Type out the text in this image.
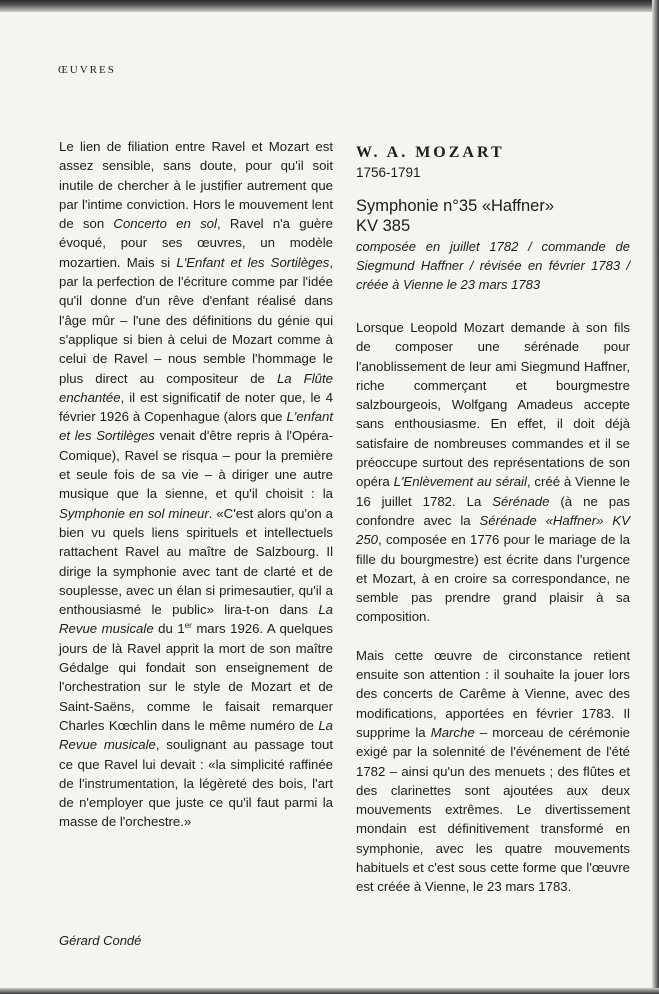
ŒUVRES

Le lien de filiation entre Ravel et Mozart est assez sensible, sans doute, pour qu'il soit inutile de chercher à le justifier autrement que par l'intime conviction. Hors le mouvement lent de son Concerto en sol, Ravel n'a guère évoqué, pour ses œuvres, un modèle mozartien. Mais si L'Enfant et les Sortilèges, par la perfection de l'écriture comme par l'idée qu'il donne d'un rêve d'enfant réalisé dans l'âge mûr – l'une des définitions du génie qui s'applique si bien à celui de Mozart comme à celui de Ravel – nous semble l'hommage le plus direct au compositeur de La Flûte enchantée, il est significatif de noter que, le 4 février 1926 à Copenhague (alors que L'enfant et les Sortilèges venait d'être repris à l'Opéra-Comique), Ravel se risqua – pour la première et seule fois de sa vie – à diriger une autre musique que la sienne, et qu'il choisit : la Symphonie en sol mineur. «C'est alors qu'on a bien vu quels liens spirituels et intellectuels rattachent Ravel au maître de Salzbourg. Il dirige la symphonie avec tant de clarté et de souplesse, avec un élan si primesautier, qu'il a enthousiasmé le public» lira-t-on dans La Revue musicale du 1er mars 1926. A quelques jours de là Ravel apprit la mort de son maître Gédalge qui fondait son enseignement de l'orchestration sur le style de Mozart et de Saint-Saëns, comme le faisait remarquer Charles Kœchlin dans le même numéro de La Revue musicale, soulignant au passage tout ce que Ravel lui devait : «la simplicité raffinée de l'instrumentation, la légèreté des bois, l'art de n'employer que juste ce qu'il faut parmi la masse de l'orchestre.»

Gérard Condé

W. A. MOZART

1756-1791

Symphonie n°35 «Haffner»

KV 385

composée en juillet 1782 / commande de Siegmund Haffner / révisée en février 1783 / créée à Vienne le 23 mars 1783

Lorsque Leopold Mozart demande à son fils de composer une sérénade pour l'anoblissement de leur ami Siegmund Haffner, riche commerçant et bourgmestre salzbourgeois, Wolfgang Amadeus accepte sans enthousiasme. En effet, il doit déjà satisfaire de nombreuses commandes et il se préoccupe surtout des représentations de son opéra L'Enlèvement au sérail, créé à Vienne le 16 juillet 1782. La Sérénade (à ne pas confondre avec la Sérénade «Haffner» KV 250, composée en 1776 pour le mariage de la fille du bourgmestre) est écrite dans l'urgence et Mozart, à en croire sa correspondance, ne semble pas prendre grand plaisir à sa composition.

Mais cette œuvre de circonstance retient ensuite son attention : il souhaite la jouer lors des concerts de Carême à Vienne, avec des modifications, apportées en février 1783. Il supprime la Marche – morceau de cérémonie exigé par la solennité de l'événement de l'été 1782 – ainsi qu'un des menuets ; des flûtes et des clarinettes sont ajoutées aux deux mouvements extrêmes. Le divertissement mondain est définitivement transformé en symphonie, avec les quatre mouvements habituels et c'est sous cette forme que l'œuvre est créée à Vienne, le 23 mars 1783.
